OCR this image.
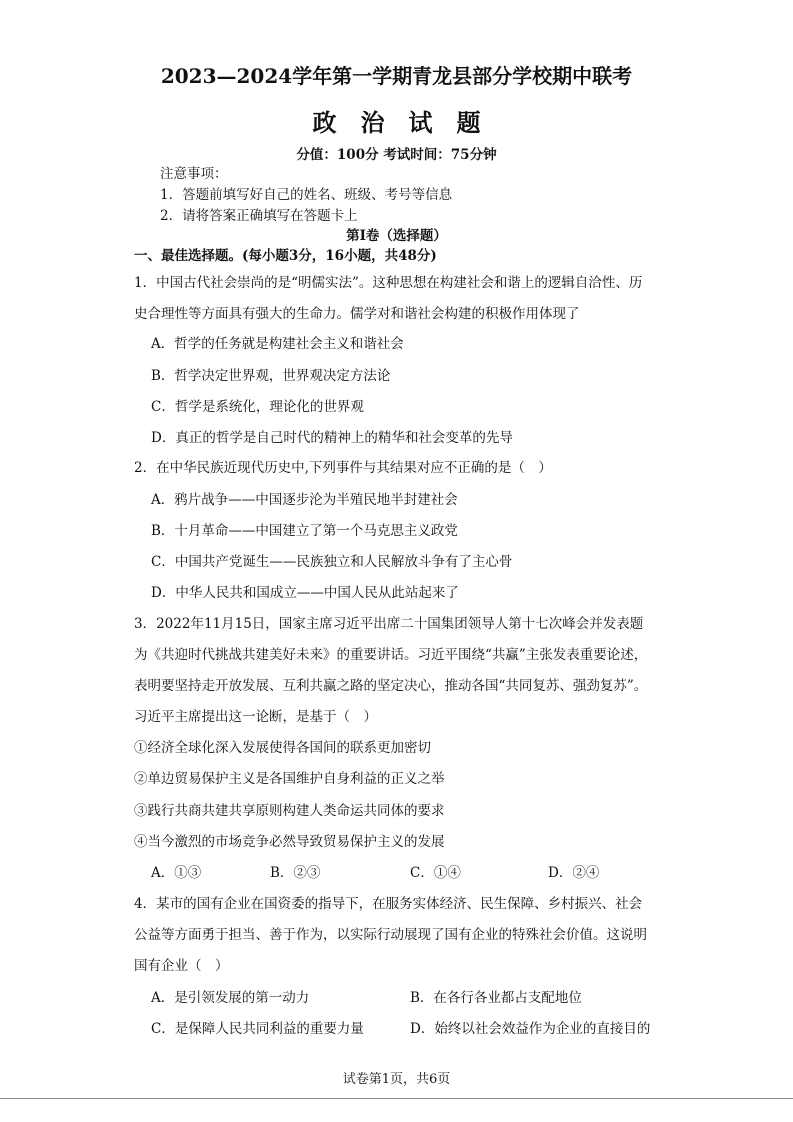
2023—2024学年第一学期青龙县部分学校期中联考
政　治　试　题
分值：100分 考试时间：75分钟
注意事项：
1．答题前填写好自己的姓名、班级、考号等信息
2．请将答案正确填写在答题卡上
第Ⅰ卷（选择题）
一、最佳选择题。(每小题3分，16小题，共48分)
1．中国古代社会崇尚的是“明儒实法”。这种思想在构建社会和谐上的逻辑自洽性、历
史合理性等方面具有强大的生命力。儒学对和谐社会构建的积极作用体现了
A．哲学的任务就是构建社会主义和谐社会
B．哲学决定世界观，世界观决定方法论
C．哲学是系统化，理论化的世界观
D．真正的哲学是自己时代的精神上的精华和社会变革的先导
2．在中华民族近现代历史中,下列事件与其结果对应不正确的是（　）
A．鸦片战争——中国逐步沦为半殖民地半封建社会
B．十月革命——中国建立了第一个马克思主义政党
C．中国共产党诞生——民族独立和人民解放斗争有了主心骨
D．中华人民共和国成立——中国人民从此站起来了
3．2022年11月15日，国家主席习近平出席二十国集团领导人第十七次峰会并发表题
为《共迎时代挑战共建美好未来》的重要讲话。习近平围绕“共赢”主张发表重要论述，
表明要坚持走开放发展、互利共赢之路的坚定决心，推动各国“共同复苏、强劲复苏”。
习近平主席提出这一论断，是基于（　）
①经济全球化深入发展使得各国间的联系更加密切
②单边贸易保护主义是各国维护自身利益的正义之举
③践行共商共建共享原则构建人类命运共同体的要求
④当今激烈的市场竞争必然导致贸易保护主义的发展
A．①③	B．②③	C．①④	D．②④
4．某市的国有企业在国资委的指导下，在服务实体经济、民生保障、乡村振兴、社会
公益等方面勇于担当、善于作为，以实际行动展现了国有企业的特殊社会价值。这说明
国有企业（　）
A．是引领发展的第一动力	B．在各行各业都占支配地位
C．是保障人民共同利益的重要力量	D．始终以社会效益作为企业的直接目的
试卷第1页，共6页
